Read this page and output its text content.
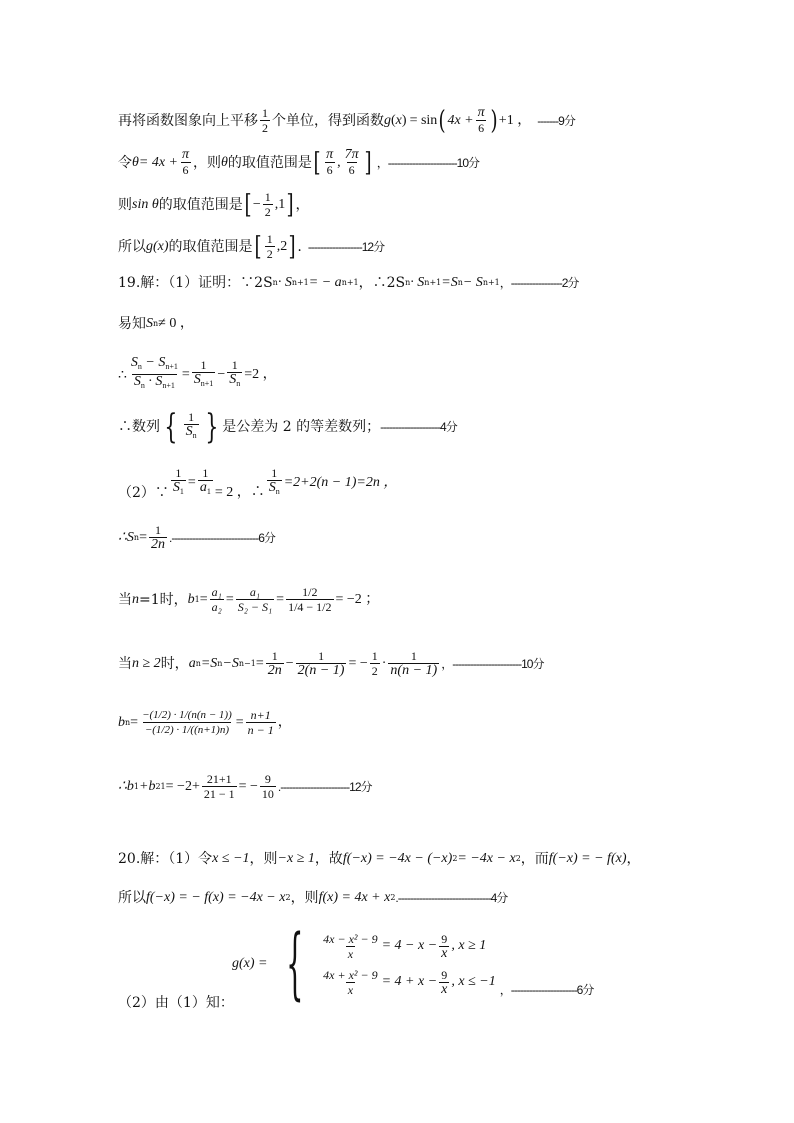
再将函数图象向上平移 $\frac{1}{2}$ 个单位，得到函数 g ( x ) = sin ( $4x + \frac{\pi}{6}$ ) +1 ， -------9分
令 $\theta = 4x + \frac{\pi}{6}$ ，则 θ 的取值范围是 [ $\frac{\pi}{6}$ , $\frac{7\pi}{6}$ ] ，-----------------------10分
则 sin θ 的取值范围是 [ − $\frac{1}{2} ,1$ ] ，
所以 g(x) 的取值范围是 [ $\frac{1}{2} ,2$ ] . ------------------12分
19.解：（1）证明：∵2S n · S n+1 = − a n+1 ，∴2S n · S n+1 =S n − S n+1 ，-----------------2分
易知 S n ≠ 0 ，
∴ $\frac{S_n - S_{n+1}}{S_n \cdot S_{n+1}} = \frac{1}{S_{n+1}} - \frac{1}{S_n} =2$ ，
∴数列 { $\frac{1}{S_n}$ } 是公差为 2 的等差数列； --------------------4分
（2）∵ $\frac{1}{S_1} = \frac{1}{a_1} = 2$ ，∴ $\frac{1}{S_n} =2+2(n - 1)=2n$ ，
∴S $n = \frac{1}{2n} .-----------------------------6$分
当 n =1时， b $1 = \frac{\text{a₁}}{\text{a₂}} = \frac{\text{a₁}}{\text{S₂ − S₁}} = \frac{1/2}{1/4 - 1/2} = -2$ ；
当 n ≥ 2 时， a n =S n −S $n-1 = \frac{1}{2n} - \frac{1}{2(n - 1)}$ = − $\frac{1}{2} \cdot \frac{1}{n(n - 1)}$ ，-----------------------10分
b $n = \frac{-(1/2) \cdot 1/(n(n - 1))}{-(1/2) \cdot 1/((n+1)n)} = \frac{n+1}{n - 1}$ ，
∴b 1 +b $21 = -2+ \frac{21+1}{21 - 1}$ = − $\frac{9}{10} .-----------------------12$分
20.解：（1）令 x ≤ −1 ，则 −x ≥ 1 ，故 f(−x) = −4x − (−x) 2 = −4x − x 2 ，而 f(−x) = − f(x) ，
所以 f(−x) = − f(x) = −4x − x 2 ，则 f(x) = 4x + x 2 .-------------------------------4分
（2）由（1）知：
g(x) = { $\frac{\text{4x − x² − 9}}{x} = 4 - x - \frac{9}{x}$ , x ≥ 1
$\frac{\text{4x + x² − 9}}{x} = 4 + x - \frac{9}{x}$ , x ≤ −1
，----------------------6分
